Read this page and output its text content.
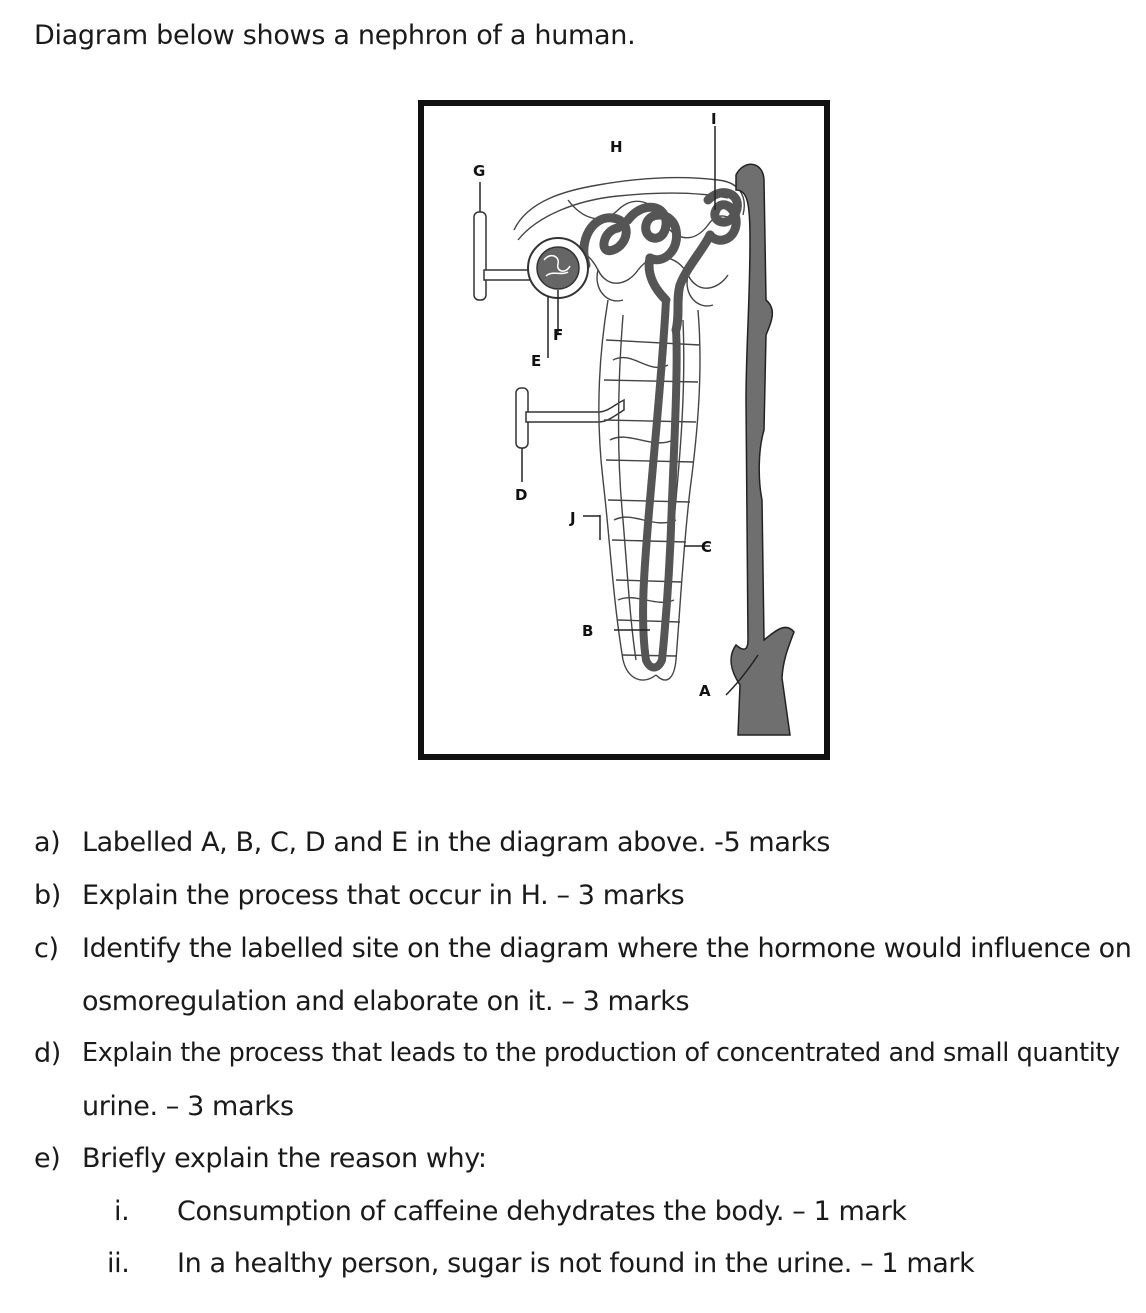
Diagram below shows a nephron of a human.
G
H
I
F
E
D
J
C
B
A
a) Labelled A, B, C, D and E in the diagram above. -5 marks
b) Explain the process that occur in H. – 3 marks
c) Identify the labelled site on the diagram where the hormone would influence on
osmoregulation and elaborate on it. – 3 marks
d) Explain the process that leads to the production of concentrated and small quantity
urine. – 3 marks
e) Briefly explain the reason why:
i. Consumption of caffeine dehydrates the body. – 1 mark
ii. In a healthy person, sugar is not found in the urine. – 1 mark
